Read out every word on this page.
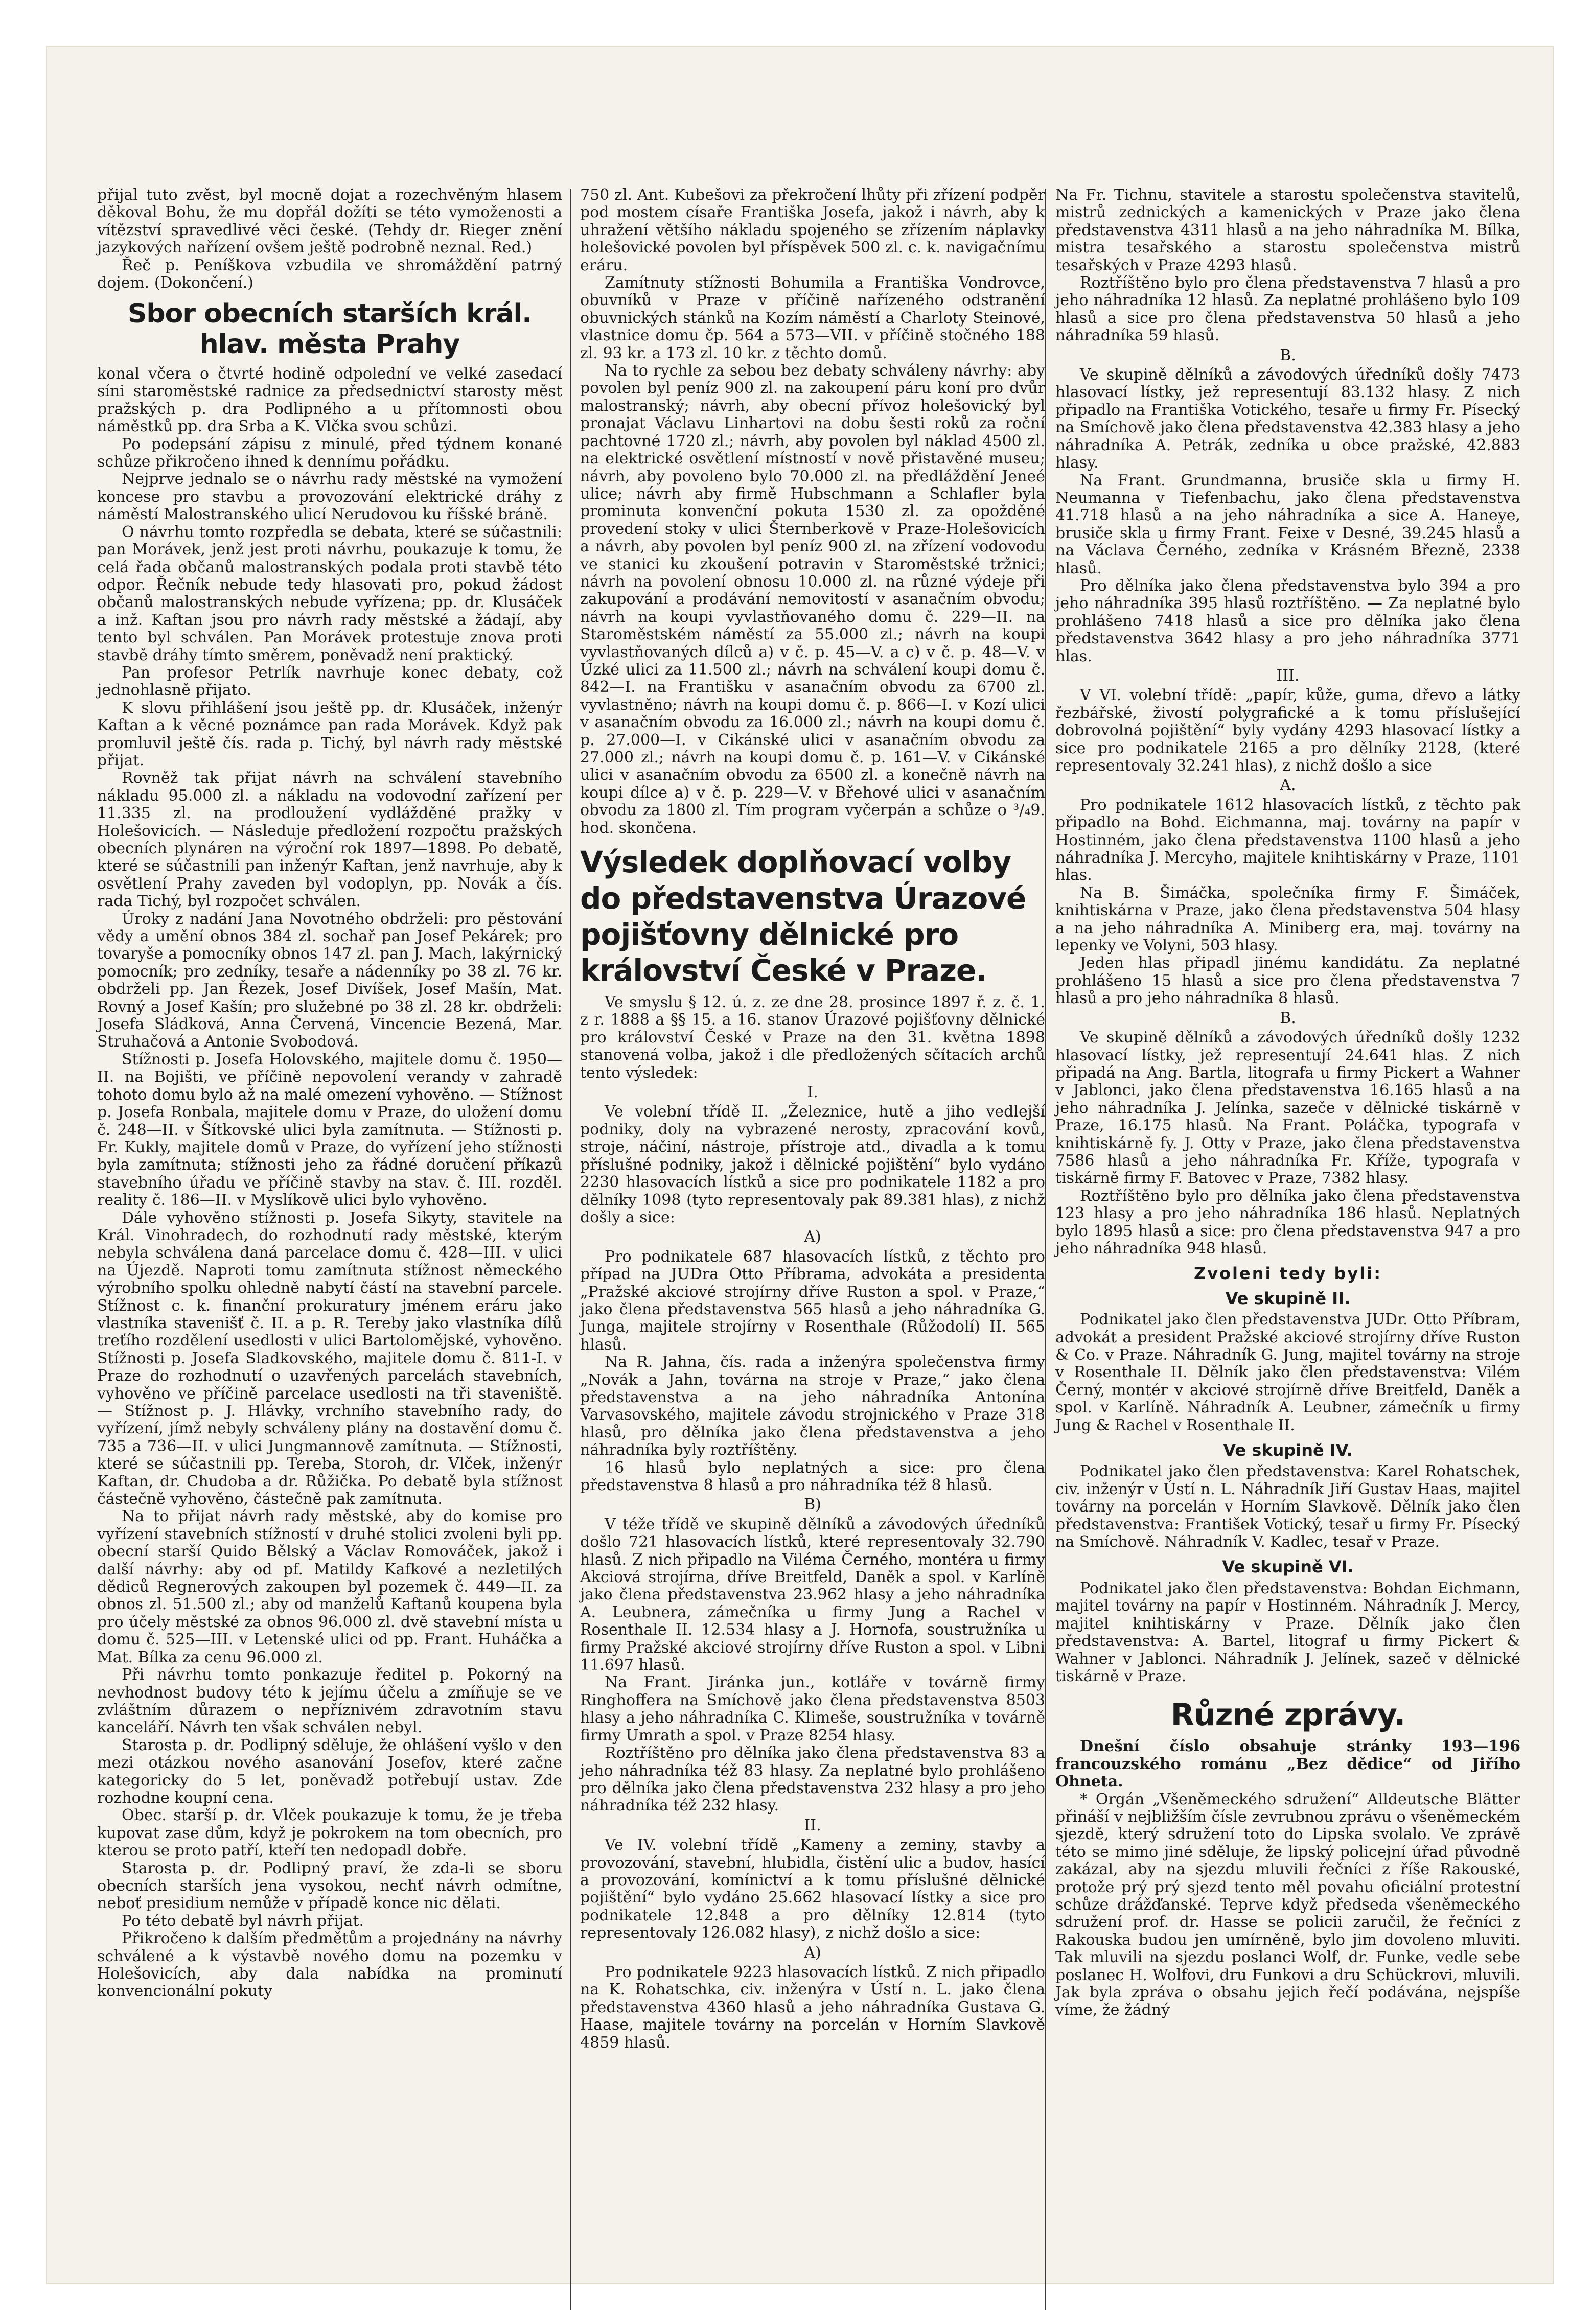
přijal tuto zvěst, byl mocně dojat a rozechvěným hlasem děkoval Bohu, že mu dopřál dožíti se této vymoženosti a vítězství spravedlivé věci české. (Tehdy dr. Rieger znění jazykových nařízení ovšem ještě podrobně neznal. Red.)

Řeč p. Peníškova vzbudila ve shromáždění patrný dojem. (Dokončení.)

Sbor obecních starších král. hlav. města Prahy

konal včera o čtvrté hodině odpolední ve velké zasedací síni staroměstské radnice za předsednictví starosty měst pražských p. dra Podlipného a u přítomnosti obou náměstků pp. dra Srba a K. Vlčka svou schůzi.

Po podepsání zápisu z minulé, před týdnem konané schůze přikročeno ihned k dennímu pořádku.

Nejprve jednalo se o návrhu rady městské na vymožení koncese pro stavbu a provozování elektrické dráhy z náměstí Malostranského ulicí Nerudovou ku říšské bráně.

O návrhu tomto rozpředla se debata, které se súčastnili: pan Morávek, jenž jest proti návrhu, poukazuje k tomu, že celá řada občanů malostranských podala proti stavbě této odpor. Řečník nebude tedy hlasovati pro, pokud žádost občanů malostranských nebude vyřízena; pp. dr. Klusáček a inž. Kaftan jsou pro návrh rady městské a žádají, aby tento byl schválen. Pan Morávek protestuje znova proti stavbě dráhy tímto směrem, poněvadž není praktický.

Pan profesor Petrlík navrhuje konec debaty, což jednohlasně přijato.

K slovu přihlášení jsou ještě pp. dr. Klusáček, inženýr Kaftan a k věcné poznámce pan rada Morávek. Když pak promluvil ještě čís. rada p. Tichý, byl návrh rady městské přijat.

Rovněž tak přijat návrh na schválení stavebního nákladu 95.000 zl. a nákladu na vodovodní zařízení per 11.335 zl. na prodloužení vydlážděné pražky v Holešovicích. — Následuje předložení rozpočtu pražských obecních plynáren na výroční rok 1897—1898. Po debatě, které se súčastnili pan inženýr Kaftan, jenž navrhuje, aby k osvětlení Prahy zaveden byl vodoplyn, pp. Novák a čís. rada Tichý, byl rozpočet schválen.

Úroky z nadání Jana Novotného obdrželi: pro pěstování vědy a umění obnos 384 zl. sochař pan Josef Pekárek; pro tovaryše a pomocníky obnos 147 zl. pan J. Mach, lakýrnický pomocník; pro zedníky, tesaře a nádenníky po 38 zl. 76 kr. obdrželi pp. Jan Řezek, Josef Divíšek, Josef Mašín, Mat. Rovný a Josef Kašín; pro služebné po 38 zl. 28 kr. obdrželi: Josefa Sládková, Anna Červená, Vincencie Bezená, Mar. Struhačová a Antonie Svobodová.

Stížnosti p. Josefa Holovského, majitele domu č. 1950—II. na Bojišti, ve příčině nepovolení verandy v zahradě tohoto domu bylo až na malé omezení vyhověno. — Stížnost p. Josefa Ronbala, majitele domu v Praze, do uložení domu č. 248—II. v Šítkovské ulici byla zamítnuta. — Stížnosti p. Fr. Kukly, majitele domů v Praze, do vyřízení jeho stížnosti byla zamítnuta; stížnosti jeho za řádné doručení příkazů stavebního úřadu ve příčině stavby na stav. č. III. rozděl. reality č. 186—II. v Myslíkově ulici bylo vyhověno.

Dále vyhověno stížnosti p. Josefa Sikyty, stavitele na Král. Vinohradech, do rozhodnutí rady městské, kterým nebyla schválena daná parcelace domu č. 428—III. v ulici na Újezdě. Naproti tomu zamítnuta stížnost německého výrobního spolku ohledně nabytí částí na stavební parcele. Stížnost c. k. finanční prokuratury jménem eráru jako vlastníka stavenišť č. II. a p. R. Tereby jako vlastníka dílů treťího rozdělení usedlosti v ulici Bartolomějské, vyhověno. Stížnosti p. Josefa Sladkovského, majitele domu č. 811-I. v Praze do rozhodnutí o uzavřených parcelách stavebních, vyhověno ve příčině parcelace usedlosti na tři staveniště. — Stížnost p. J. Hlávky, vrchního stavebního rady, do vyřízení, jímž nebyly schváleny plány na dostavění domu č. 735 a 736—II. v ulici Jungmannově zamítnuta. — Stížnosti, které se súčastnili pp. Tereba, Storoh, dr. Vlček, inženýr Kaftan, dr. Chudoba a dr. Růžička. Po debatě byla stížnost částečně vyhověno, částečně pak zamítnuta.

Na to přijat návrh rady městské, aby do komise pro vyřízení stavebních stížností v druhé stolici zvoleni byli pp. obecní starší Quido Bělský a Václav Romováček, jakož i další návrhy: aby od pf. Matildy Kafkové a nezletilých dědiců Regnerových zakoupen byl pozemek č. 449—II. za obnos zl. 51.500 zl.; aby od manželů Kaftanů koupena byla pro účely městské za obnos 96.000 zl. dvě stavební místa u domu č. 525—III. v Letenské ulici od pp. Frant. Huháčka a Mat. Bílka za cenu 96.000 zl.

Při návrhu tomto ponkazuje ředitel p. Pokorný na nevhodnost budovy této k jejímu účelu a zmíňuje se ve zvláštním důrazem o nepříznivém zdravotním stavu kanceláří. Návrh ten však schválen nebyl.

Starosta p. dr. Podlipný sděluje, že ohlášení vyšlo v den mezi otázkou nového asanování Josefov, které začne kategoricky do 5 let, poněvadž potřebují ustav. Zde rozhodne koupní cena.

Obec. starší p. dr. Vlček poukazuje k tomu, že je třeba kupovat zase dům, když je pokrokem na tom obecních, pro kterou se proto patří, kteří ten nedopadl dobře.

Starosta p. dr. Podlipný praví, že zda-li se sboru obecních starších jena vysokou, nechť návrh odmítne, neboť presidium nemůže v případě konce nic dělati.

Po této debatě byl návrh přijat.

Přikročeno k dalším předmětům a projednány na návrhy schválené a k výstavbě nového domu na pozemku v Holešovicích, aby dala nabídka na prominutí konvencionální pokuty

750 zl. Ant. Kubešovi za překročení lhůty při zřízení podpěr pod mostem císaře Františka Josefa, jakož i návrh, aby k uhražení většího nákladu spojeného se zřízením náplavky holešovické povolen byl příspěvek 500 zl. c. k. navigačnímu eráru.

Zamítnuty stížnosti Bohumila a Františka Vondrovce, obuvníků v Praze v příčině nařízeného odstranění obuvnických stánků na Kozím náměstí a Charloty Steinové, vlastnice domu čp. 564 a 573—VII. v příčině stočného 188 zl. 93 kr. a 173 zl. 10 kr. z těchto domů.

Na to rychle za sebou bez debaty schváleny návrhy: aby povolen byl peníz 900 zl. na zakoupení páru koní pro dvůr malostranský; návrh, aby obecní přívoz holešovický byl pronajat Václavu Linhartovi na dobu šesti roků za roční pachtovné 1720 zl.; návrh, aby povolen byl náklad 4500 zl. na elektrické osvětlení místností v nově přistavěné museu; návrh, aby povoleno bylo 70.000 zl. na předláždění Jeneé ulice; návrh aby firmě Hubschmann a Schlafler byla prominuta konvenční pokuta 1530 zl. za opožděné provedení stoky v ulici Šternberkově v Praze-Holešovicích a návrh, aby povolen byl peníz 900 zl. na zřízení vodovodu ve stanici ku zkoušení potravin v Staroměstské tržnici; návrh na povolení obnosu 10.000 zl. na různé výdeje při zakupování a prodávání nemovitostí v asanačním obvodu; návrh na koupi vyvlastňovaného domu č. 229—II. na Staroměstském náměstí za 55.000 zl.; návrh na koupi vyvlastňovaných dílců a) v č. p. 45—V. a c) v č. p. 48—V. v Úzké ulici za 11.500 zl.; návrh na schválení koupi domu č. 842—I. na Františku v asanačním obvodu za 6700 zl. vyvlastněno; návrh na koupi domu č. p. 866—I. v Kozí ulici v asanačním obvodu za 16.000 zl.; návrh na koupi domu č. p. 27.000—I. v Cikánské ulici v asanačním obvodu za 27.000 zl.; návrh na koupi domu č. p. 161—V. v Cikánské ulici v asanačním obvodu za 6500 zl. a konečně návrh na koupi dílce a) v č. p. 229—V. v Břehové ulici v asanačním obvodu za 1800 zl. Tím program vyčerpán a schůze o ³/₄9. hod. skončena.

Výsledek doplňovací volby do představenstva Úrazové pojišťovny dělnické pro království České v Praze.

Ve smyslu § 12. ú. z. ze dne 28. prosince 1897 ř. z. č. 1. z r. 1888 a §§ 15. a 16. stanov Úrazové pojišťovny dělnické pro království České v Praze na den 31. května 1898 stanovená volba, jakož i dle předložených sčítacích archů tento výsledek:

I.

Ve volební třídě II. „Železnice, hutě a jiho vedlejší podniky, doly na vybrazené nerosty, zpracování kovů, stroje, náčiní, nástroje, přístroje atd., divadla a k tomu příslušné podniky, jakož i dělnické pojištění“ bylo vydáno 2230 hlasovacích lístků a sice pro podnikatele 1182 a pro dělníky 1098 (tyto representovaly pak 89.381 hlas), z nichž došly a sice:

A)

Pro podnikatele 687 hlasovacích lístků, z těchto pro případ na JUDra Otto Příbrama, advokáta a presidenta „Pražské akciové strojírny dříve Ruston a spol. v Praze,“ jako člena představenstva 565 hlasů a jeho náhradníka G. Junga, majitele strojírny v Rosenthale (Růžodolí) II. 565 hlasů.

Na R. Jahna, čís. rada a inženýra společenstva firmy „Novák a Jahn, továrna na stroje v Praze,“ jako člena představenstva a na jeho náhradníka Antonína Varvasovského, majitele závodu strojnického v Praze 318 hlasů, pro dělníka jako člena představenstva a jeho náhradníka byly roztříštěny.

16 hlasů bylo neplatných a sice: pro člena představenstva 8 hlasů a pro náhradníka též 8 hlasů.

B)

V téže třídě ve skupině dělníků a závodových úředníků došlo 721 hlasovacích lístků, které representovaly 32.790 hlasů. Z nich připadlo na Viléma Černého, montéra u firmy Akciová strojírna, dříve Breitfeld, Daněk a spol. v Karlíně jako člena představenstva 23.962 hlasy a jeho náhradníka A. Leubnera, zámečníka u firmy Jung a Rachel v Rosenthale II. 12.534 hlasy a J. Hornofa, soustružníka u firmy Pražské akciové strojírny dříve Ruston a spol. v Libni 11.697 hlasů.

Na Frant. Jiránka jun., kotláře v továrně firmy Ringhoffera na Smíchově jako člena představenstva 8503 hlasy a jeho náhradníka C. Klimeše, soustružníka v továrně firmy Umrath a spol. v Praze 8254 hlasy.

Roztříštěno pro dělníka jako člena představenstva 83 a jeho náhradníka též 83 hlasy. Za neplatné bylo prohlášeno pro dělníka jako člena představenstva 232 hlasy a pro jeho náhradníka též 232 hlasy.

II.

Ve IV. volební třídě „Kameny a zeminy, stavby a provozování, stavební, hlubidla, čistění ulic a budov, hasící a provozování, komínictví a k tomu příslušné dělnické pojištění“ bylo vydáno 25.662 hlasovací lístky a sice pro podnikatele 12.848 a pro dělníky 12.814 (tyto representovaly 126.082 hlasy), z nichž došlo a sice:

A)

Pro podnikatele 9223 hlasovacích lístků. Z nich připadlo na K. Rohatschka, civ. inženýra v Ústí n. L. jako člena představenstva 4360 hlasů a jeho náhradníka Gustava G. Haase, majitele továrny na porcelán v Horním Slavkově 4859 hlasů.

Na Fr. Tichnu, stavitele a starostu společenstva stavitelů, mistrů zednických a kamenických v Praze jako člena představenstva 4311 hlasů a na jeho náhradníka M. Bílka, mistra tesařského a starostu společenstva mistrů tesařských v Praze 4293 hlasů.

Roztříštěno bylo pro člena představenstva 7 hlasů a pro jeho náhradníka 12 hlasů. Za neplatné prohlášeno bylo 109 hlasů a sice pro člena představenstva 50 hlasů a jeho náhradníka 59 hlasů.

B.

Ve skupině dělníků a závodových úředníků došly 7473 hlasovací lístky, jež representují 83.132 hlasy. Z nich připadlo na Františka Votického, tesaře u firmy Fr. Písecký na Smíchově jako člena představenstva 42.383 hlasy a jeho náhradníka A. Petrák, zedníka u obce pražské, 42.883 hlasy.

Na Frant. Grundmanna, brusiče skla u firmy H. Neumanna v Tiefenbachu, jako člena představenstva 41.718 hlasů a na jeho náhradníka a sice A. Haneye, brusiče skla u firmy Frant. Feixe v Desné, 39.245 hlasů a na Václava Černého, zedníka v Krásném Březně, 2338 hlasů.

Pro dělníka jako člena představenstva bylo 394 a pro jeho náhradníka 395 hlasů roztříštěno. — Za neplatné bylo prohlášeno 7418 hlasů a sice pro dělníka jako člena představenstva 3642 hlasy a pro jeho náhradníka 3771 hlas.

III.

V VI. volební třídě: „papír, kůže, guma, dřevo a látky řezbářské, živostí polygrafické a k tomu příslušející dobrovolná pojištění“ byly vydány 4293 hlasovací lístky a sice pro podnikatele 2165 a pro dělníky 2128, (které representovaly 32.241 hlas), z nichž došlo a sice

A.

Pro podnikatele 1612 hlasovacích lístků, z těchto pak připadlo na Bohd. Eichmanna, maj. továrny na papír v Hostinném, jako člena představenstva 1100 hlasů a jeho náhradníka J. Mercyho, majitele knihtiskárny v Praze, 1101 hlas.

Na B. Šimáčka, společníka firmy F. Šimáček, knihtiskárna v Praze, jako člena představenstva 504 hlasy a na jeho náhradníka A. Miniberg era, maj. továrny na lepenky ve Volyni, 503 hlasy.

Jeden hlas připadl jinému kandidátu. Za neplatné prohlášeno 15 hlasů a sice pro člena představenstva 7 hlasů a pro jeho náhradníka 8 hlasů.

B.

Ve skupině dělníků a závodových úředníků došly 1232 hlasovací lístky, jež representují 24.641 hlas. Z nich připadá na Ang. Bartla, litografa u firmy Pickert a Wahner v Jablonci, jako člena představenstva 16.165 hlasů a na jeho náhradníka J. Jelínka, sazeče v dělnické tiskárně v Praze, 16.175 hlasů. Na Frant. Poláčka, typografa v knihtiskárně fy. J. Otty v Praze, jako člena představenstva 7586 hlasů a jeho náhradníka Fr. Kříže, typografa v tiskárně firmy F. Batovec v Praze, 7382 hlasy.

Roztříštěno bylo pro dělníka jako člena představenstva 123 hlasy a pro jeho náhradníka 186 hlasů. Neplatných bylo 1895 hlasů a sice: pro člena představenstva 947 a pro jeho náhradníka 948 hlasů.

Zvoleni tedy byli:
Ve skupině II.

Podnikatel jako člen představenstva JUDr. Otto Příbram, advokát a president Pražské akciové strojírny dříve Ruston & Co. v Praze. Náhradník G. Jung, majitel továrny na stroje v Rosenthale II. Dělník jako člen představenstva: Vilém Černý, montér v akciové strojírně dříve Breitfeld, Daněk a spol. v Karlíně. Náhradník A. Leubner, zámečník u firmy Jung & Rachel v Rosenthale II.

Ve skupině IV.

Podnikatel jako člen představenstva: Karel Rohatschek, civ. inženýr v Ústí n. L. Náhradník Jiří Gustav Haas, majitel továrny na porcelán v Horním Slavkově. Dělník jako člen představenstva: František Votický, tesař u firmy Fr. Písecký na Smíchově. Náhradník V. Kadlec, tesař v Praze.

Ve skupině VI.

Podnikatel jako člen představenstva: Bohdan Eichmann, majitel továrny na papír v Hostinném. Náhradník J. Mercy, majitel knihtiskárny v Praze. Dělník jako člen představenstva: A. Bartel, litograf u firmy Pickert & Wahner v Jablonci. Náhradník J. Jelínek, sazeč v dělnické tiskárně v Praze.

Různé zprávy.

Dnešní číslo obsahuje stránky 193—196 francouzského románu „Bez dědice“ od Jiřího Ohneta.

* Orgán „Všeněmeckého sdružení“ Alldeutsche Blätter přináší v nejbližším čísle zevrubnou zprávu o všeněmeckém sjezdě, který sdružení toto do Lipska svolalo. Ve zprávě této se mimo jiné sděluje, že lipský policejní úřad původně zakázal, aby na sjezdu mluvili řečníci z říše Rakouské, protože prý prý sjezd tento měl povahu oficiální protestní schůze drážďanské. Teprve když předseda všeněmeckého sdružení prof. dr. Hasse se policii zaručil, že řečníci z Rakouska budou jen umírněně, bylo jim dovoleno mluviti. Tak mluvili na sjezdu poslanci Wolf, dr. Funke, vedle sebe poslanec H. Wolfovi, dru Funkovi a dru Schückrovi, mluvili. Jak byla zpráva o obsahu jejich řečí podávána, nejspíše víme, že žádný
